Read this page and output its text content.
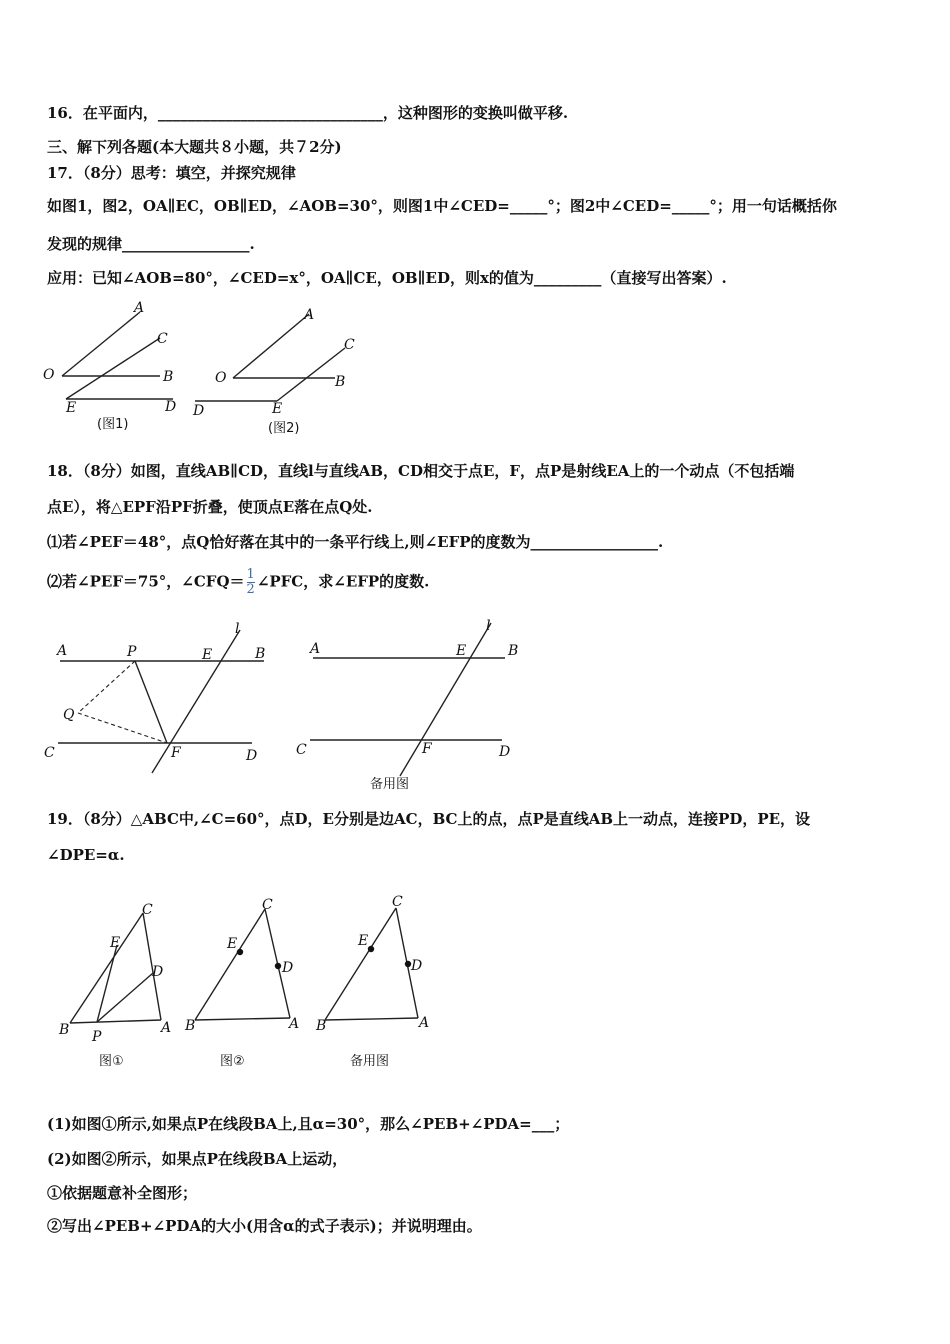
16．在平面内，______________________________，这种图形的变换叫做平移.
三、解下列各题(本大题共８小题，共７2分)
17．（8分）思考：填空，并探究规律
如图1，图2，OA∥EC，OB∥ED，∠AOB=30°，则图1中∠CED=_____°；图2中∠CED=_____°；用一句话概括你
发现的规律_________________.
应用：已知∠AOB=80°，∠CED=x°，OA∥CE，OB∥ED，则x的值为_________（直接写出答案）.
A
C
O	B
E	D
(图1)
A
C
O	B
D	E
(图2)
18．（8分）如图，直线AB∥CD，直线l与直线AB，CD相交于点E，F，点P是射线EA上的一个动点（不包括端
点E），将△EPF沿PF折叠，使顶点E落在点Q处.
⑴若∠PEF＝48°，点Q恰好落在其中的一条平行线上,则∠EFP的度数为_________________.
⑵若∠PEF＝75°，∠CFQ＝ $\frac{1}{2}$ ∠PFC，求∠EFP的度数.
A	P	E
l
B
Q
C	F	D
A	E
l
B
C	F	D
备用图
19．（8分）△ABC中,∠C=60°，点D，E分别是边AC，BC上的点，点P是直线AB上一动点，连接PD，PE，设
∠DPE=α.
C
E
D
B P
A
图①
C
E
D
B	A
图②
C
E
D
B	A
备用图
(1)如图①所示,如果点P在线段BA上,且α=30°，那么∠PEB+∠PDA=___；
(2)如图②所示，如果点P在线段BA上运动，
①依据题意补全图形；
②写出∠PEB+∠PDA的大小(用含α的式子表示)；并说明理由。
